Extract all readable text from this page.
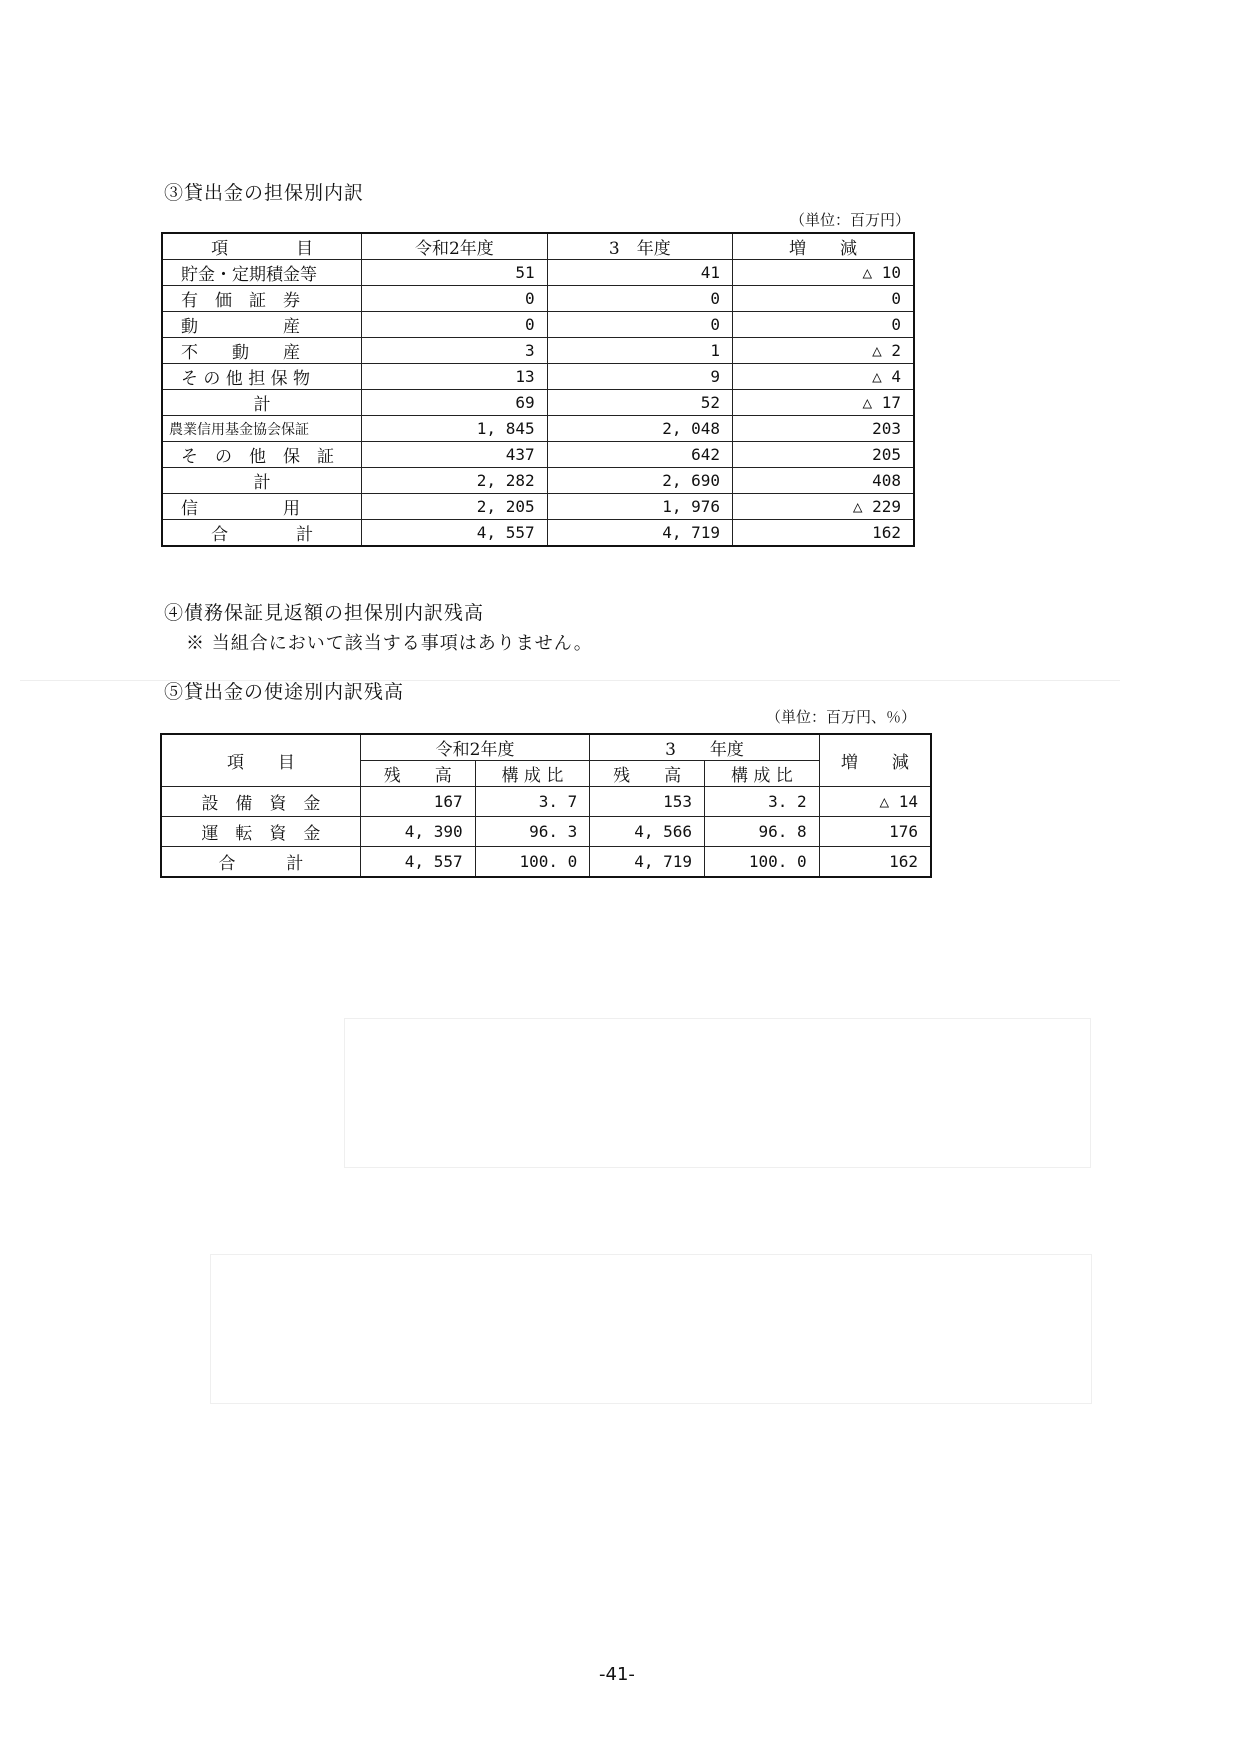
③貸出金の担保別内訳
（単位：百万円）
項　　　　目	令和2年度	3　年度	増　　減
貯金・定期積金等	51	41	△ 10
有　価　証　券	0	0	0
動　　　　　産	0	0	0
不　　動　　産	3	1	△ 2
そ の 他 担 保 物	13	9	△ 4
計	69	52	△ 17
農業信用基金協会保証	1, 845	2, 048	203
そ　の　他　保　証	437	642	205
計	2, 282	2, 690	408
信　　　　　用	2, 205	1, 976	△ 229
合　　　　計	4, 557	4, 719	162
④債務保証見返額の担保別内訳残高
※ 当組合において該当する事項はありません。
⑤貸出金の使途別内訳残高
（単位：百万円、％）
項　　目	令和2年度		3　　年度		増　　減
	残　　高	構 成 比	残　　高	構 成 比	
設　備　資　金	167	3. 7	153	3. 2	△ 14
運　転　資　金	4, 390	96. 3	4, 566	96. 8	176
合　　　計	4, 557	100. 0	4, 719	100. 0	162
-41-
